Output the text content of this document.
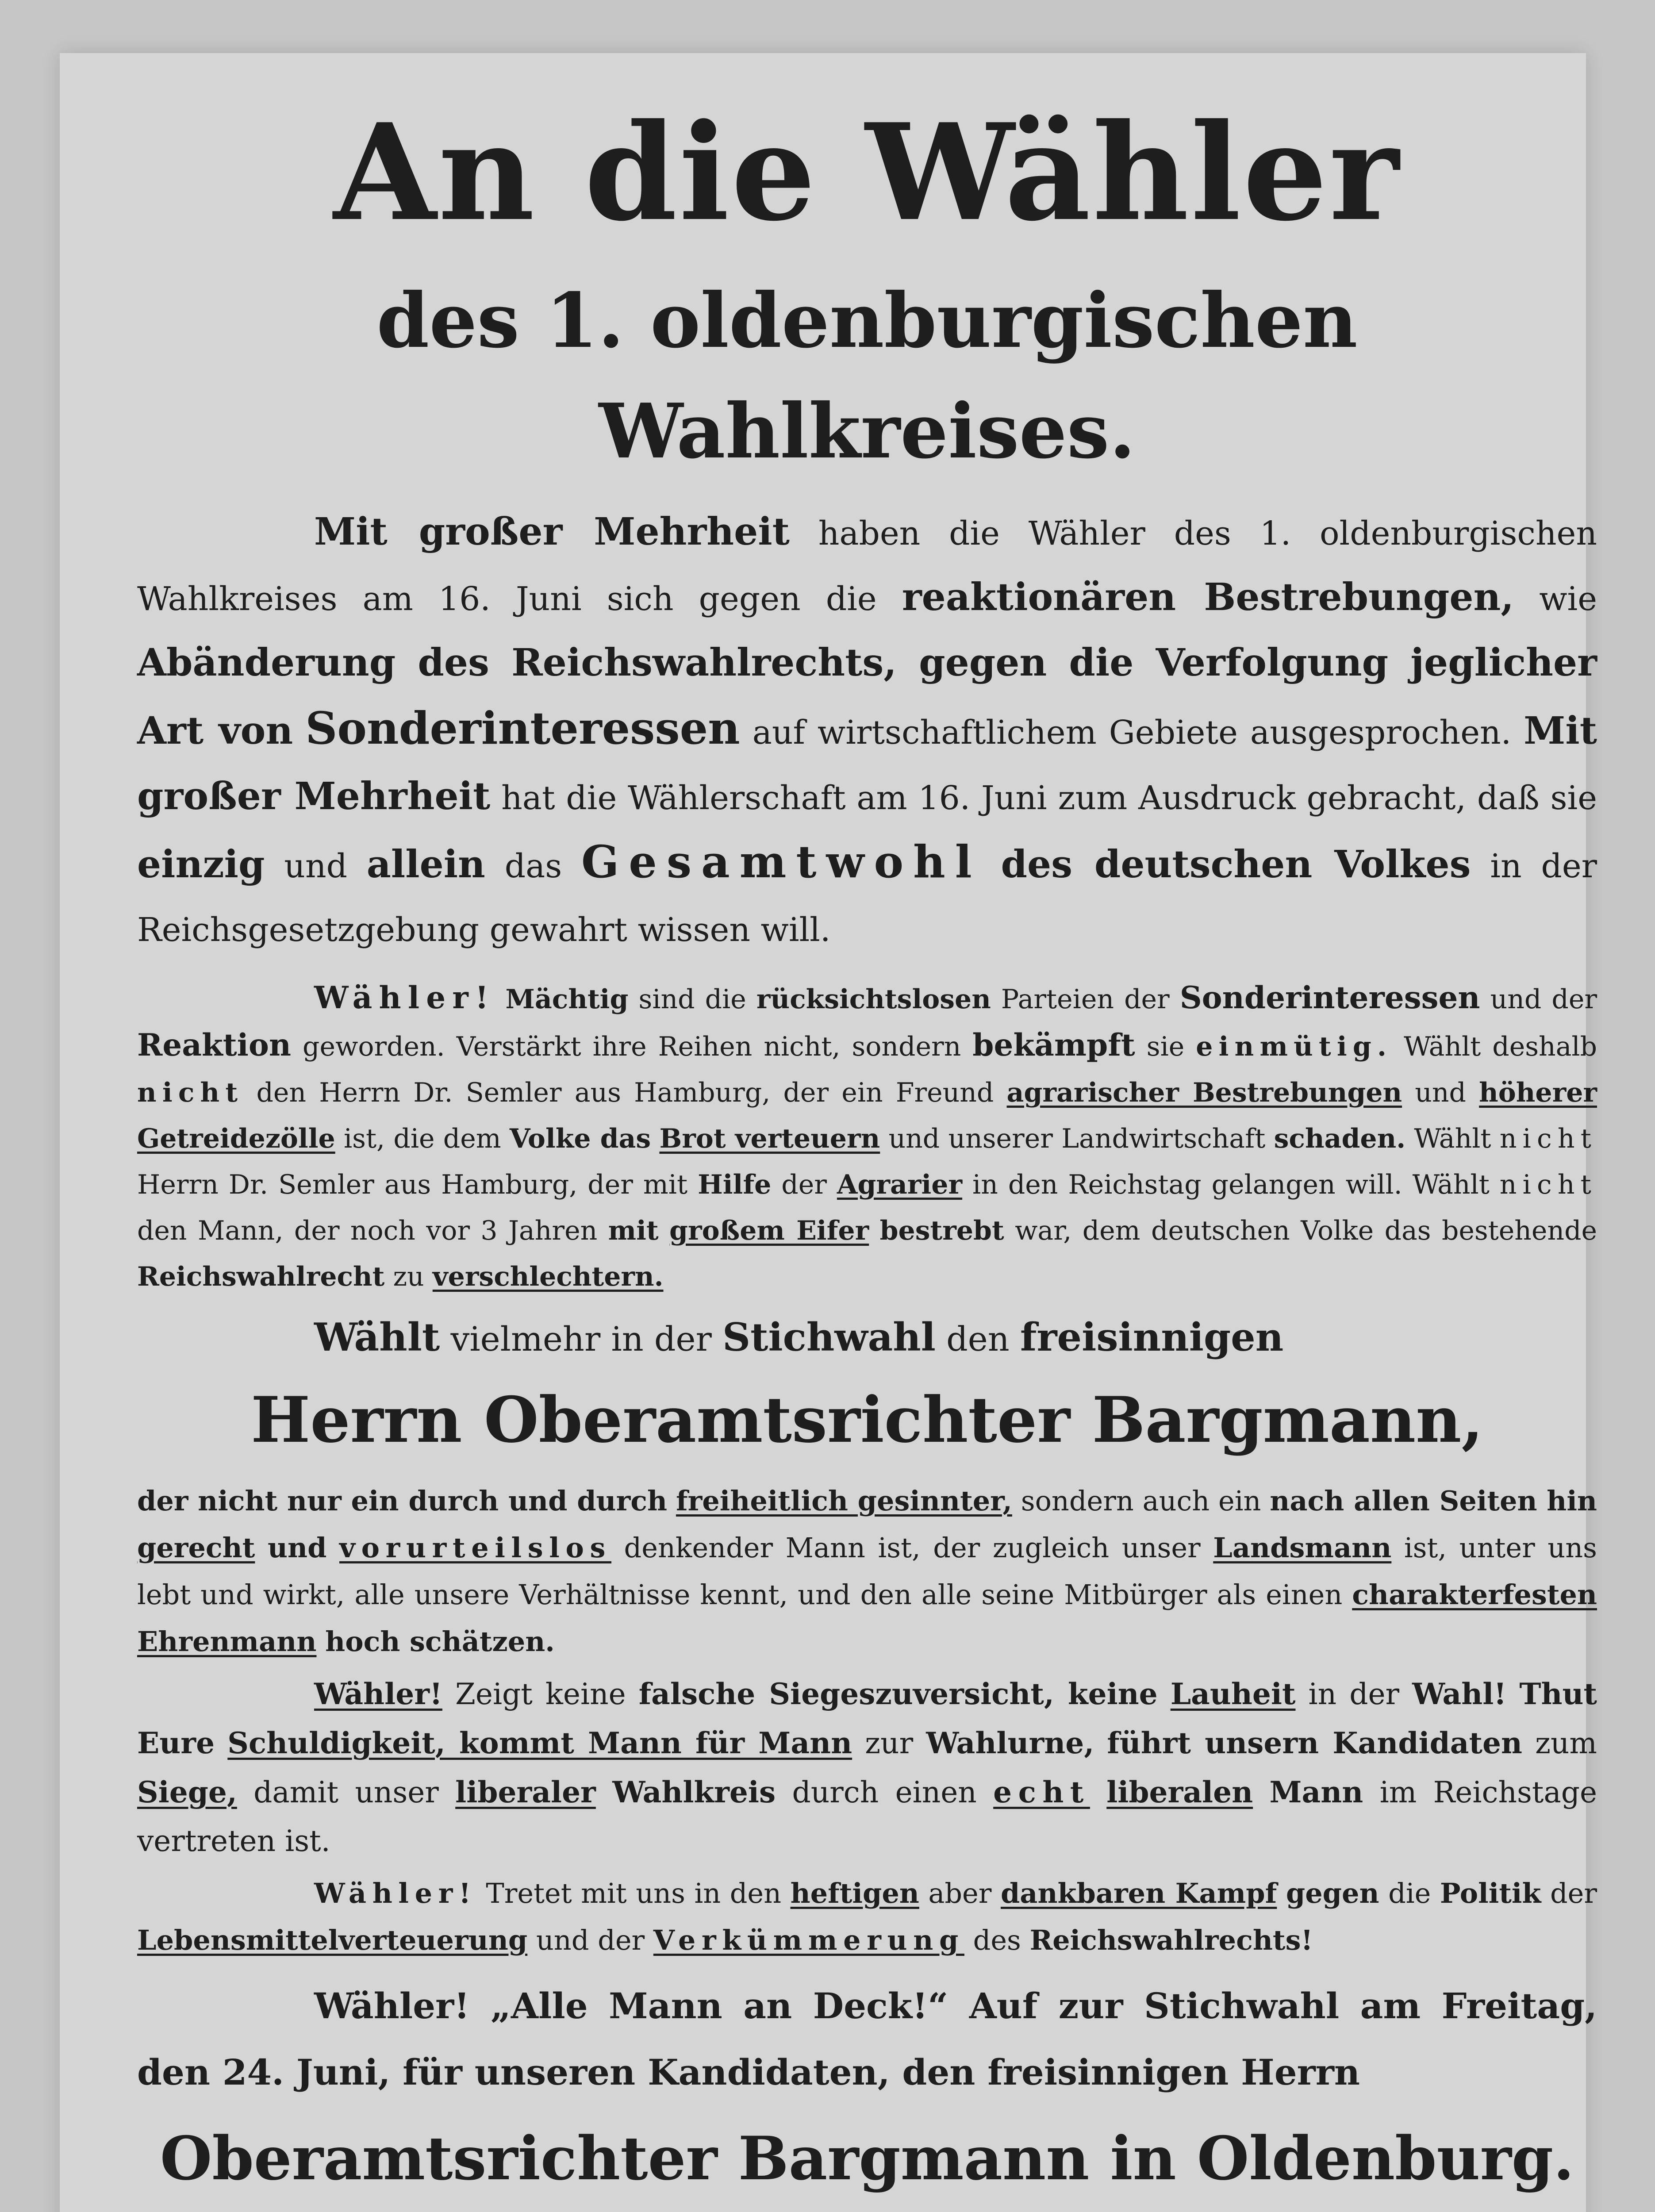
An die Wähler
des 1. oldenburgischen Wahlkreises.

Mit großer Mehrheit haben die Wähler des 1. oldenburgischen Wahlkreises am 16. Juni sich gegen die reaktionären Bestrebungen, wie Abänderung des Reichswahlrechts, gegen die Verfolgung jeglicher Art von Sonderinteressen auf wirtschaftlichem Gebiete ausgesprochen. Mit großer Mehrheit hat die Wählerschaft am 16. Juni zum Ausdruck gebracht, daß sie einzig und allein das Gesamtwohl des deutschen Volkes in der Reichsgesetzgebung gewahrt wissen will.

Wähler! Mächtig sind die rücksichtslosen Parteien der Sonderinteressen und der Reaktion geworden. Verstärkt ihre Reihen nicht, sondern bekämpft sie einmütig. Wählt deshalb nicht den Herrn Dr. Semler aus Hamburg, der ein Freund agrarischer Bestrebungen und höherer Getreidezölle ist, die dem Volke das Brot verteuern und unserer Landwirtschaft schaden. Wählt nicht Herrn Dr. Semler aus Hamburg, der mit Hilfe der Agrarier in den Reichstag gelangen will. Wählt nicht den Mann, der noch vor 3 Jahren mit großem Eifer bestrebt war, dem deutschen Volke das bestehende Reichswahlrecht zu verschlechtern.

Wählt vielmehr in der Stichwahl den freisinnigen

Herrn Oberamtsrichter Bargmann,

der nicht nur ein durch und durch freiheitlich gesinnter, sondern auch ein nach allen Seiten hin gerecht und vorurteilslos denkender Mann ist, der zugleich unser Landsmann ist, unter uns lebt und wirkt, alle unsere Verhältnisse kennt, und den alle seine Mitbürger als einen charakterfesten Ehrenmann hoch schätzen.

Wähler! Zeigt keine falsche Siegeszuversicht, keine Lauheit in der Wahl! Thut Eure Schuldigkeit, kommt Mann für Mann zur Wahlurne, führt unsern Kandidaten zum Siege, damit unser liberaler Wahlkreis durch einen echt liberalen Mann im Reichstage vertreten ist.

Wähler! Tretet mit uns in den heftigen aber dankbaren Kampf gegen die Politik der Lebensmittelverteuerung und der Verkümmerung des Reichswahlrechts!

Wähler! „Alle Mann an Deck!“ Auf zur Stichwahl am Freitag, den 24. Juni, für unseren Kandidaten, den freisinnigen Herrn

Oberamtsrichter Bargmann in Oldenburg.
